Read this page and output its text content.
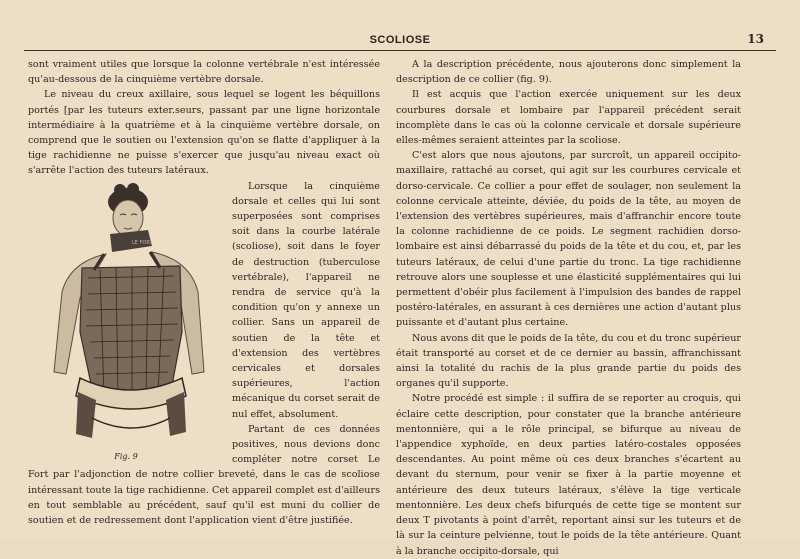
SCOLIOSE	13

sont vraiment utiles que lorsque la colonne vertébrale n'est intéressée qu'au-dessous de la cinquième vertèbre dorsale.

Le niveau du creux axillaire, sous lequel se logent les béquillons portés [par les tuteurs exter.seurs, passant par une ligne horizontale intermédiaire à la quatrième et à la cinquième vertèbre dorsale, on comprend que le soutien ou l'extension qu'on se flatte d'appliquer à la tige rachidienne ne puisse s'exercer que jusqu'au niveau exact où s'arrête l'action des tuteurs latéraux.

LE FORT
Fig. 9

Lorsque la cinquième dorsale et celles qui lui sont superposées sont comprises soit dans la courbe latérale (scoliose), soit dans le foyer de destruction (tuberculose vertébrale), l'appareil ne rendra de service qu'à la condition qu'on y annexe un collier. Sans un appareil de soutien de la tête et d'extension des vertèbres cervicales et dorsales supérieures, l'action mécanique du corset serait de nul effet, absolument.

Partant de ces données positives, nous devions donc compléter notre corset Le Fort par l'adjonction de notre collier breveté, dans le cas de scoliose intéressant toute la tige rachidienne. Cet appareil complet est d'ailleurs en tout semblable au précédent, sauf qu'il est muni du collier de soutien et de redressement dont l'application vient d'être justifiée.

A la description précédente, nous ajouterons donc simplement la description de ce collier (fig. 9).

Il est acquis que l'action exercée uniquement sur les deux courbures dorsale et lombaire par l'appareil précédent serait incomplète dans le cas où la colonne cervicale et dorsale supérieure elles-mêmes seraient atteintes par la scoliose.

C'est alors que nous ajoutons, par surcroît, un appareil occipito-maxillaire, rattaché au corset, qui agit sur les courbures cervicale et dorso-cervicale. Ce collier a pour effet de soulager, non seulement la colonne cervicale atteinte, déviée, du poids de la tête, au moyen de l'extension des vertèbres supérieures, mais d'affranchir encore toute la colonne rachidienne de ce poids. Le segment rachidien dorso-lombaire est ainsi débarrassé du poids de la tête et du cou, et, par les tuteurs latéraux, de celui d'une partie du tronc. La tige rachidienne retrouve alors une souplesse et une élasticité supplémentaires qui lui permettent d'obéir plus facilement à l'impulsion des bandes de rappel postéro-latérales, en assurant à ces dernières une action d'autant plus puissante et d'autant plus certaine.

Nous avons dit que le poids de la tête, du cou et du tronc supérieur était transporté au corset et de ce dernier au bassin, affranchissant ainsi la totalité du rachis de la plus grande partie du poids des organes qu'il supporte.

Notre procédé est simple : il suffira de se reporter au croquis, qui éclaire cette description, pour constater que la branche antérieure mentonnière, qui a le rôle principal, se bifurque au niveau de l'appendice xyphoïde, en deux parties latéro-costales opposées descendantes. Au point même où ces deux branches s'écartent au devant du sternum, pour venir se fixer à la partie moyenne et antérieure des deux tuteurs latéraux, s'élève la tige verticale mentonnière. Les deux chefs bifurqués de cette tige se montent sur deux T pivotants à point d'arrêt, reportant ainsi sur les tuteurs et de là sur la ceinture pelvienne, tout le poids de la tête antérieure. Quant à la branche occipito-dorsale, qui
